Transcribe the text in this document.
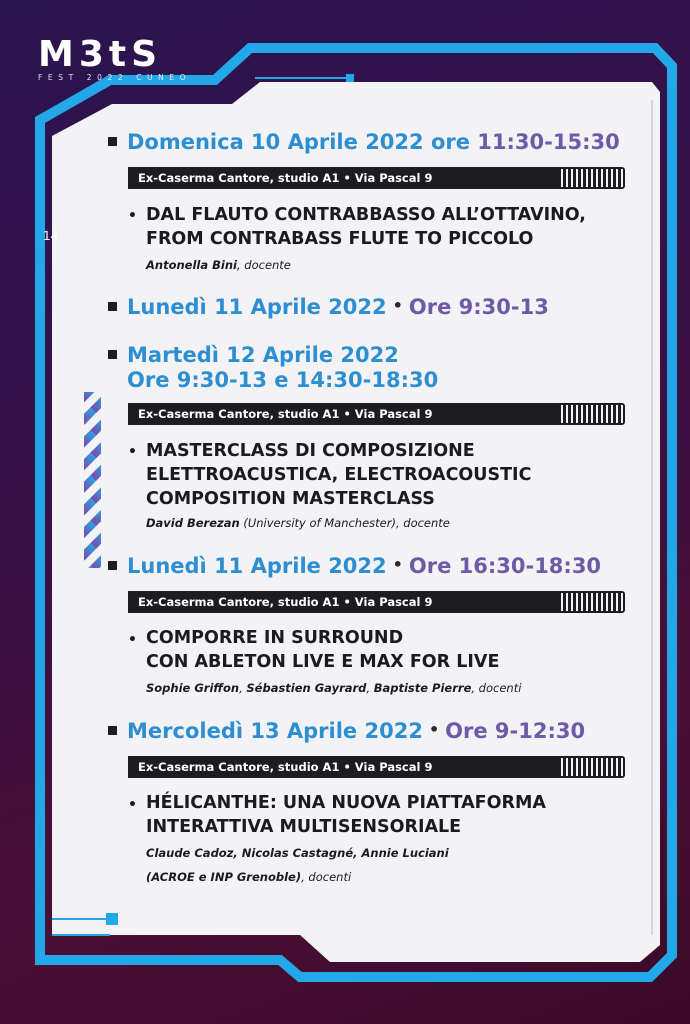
M3tS
FEST 2022 CUNEO
14
Domenica 10 Aprile 2022 ore 11:30-15:30
Ex-Caserma Cantore, studio A1 • Via Pascal 9
• DAL FLAUTO CONTRABBASSO ALL’OTTAVINO,
FROM CONTRABASS FLUTE TO PICCOLO
Antonella Bini, docente
Lunedì 11 Aprile 2022 • Ore 9:30-13
Martedì 12 Aprile 2022
Ore 9:30-13 e 14:30-18:30
Ex-Caserma Cantore, studio A1 • Via Pascal 9
• MASTERCLASS DI COMPOSIZIONE
ELETTROACUSTICA, ELECTROACOUSTIC
COMPOSITION MASTERCLASS
David Berezan (University of Manchester), docente
Lunedì 11 Aprile 2022 • Ore 16:30-18:30
Ex-Caserma Cantore, studio A1 • Via Pascal 9
• COMPORRE IN SURROUND
CON ABLETON LIVE E MAX FOR LIVE
Sophie Griffon, Sébastien Gayrard, Baptiste Pierre, docenti
Mercoledì 13 Aprile 2022 • Ore 9-12:30
Ex-Caserma Cantore, studio A1 • Via Pascal 9
• HÉLICANTHE: UNA NUOVA PIATTAFORMA
INTERATTIVA MULTISENSORIALE
Claude Cadoz, Nicolas Castagné, Annie Luciani
(ACROE e INP Grenoble), docenti
